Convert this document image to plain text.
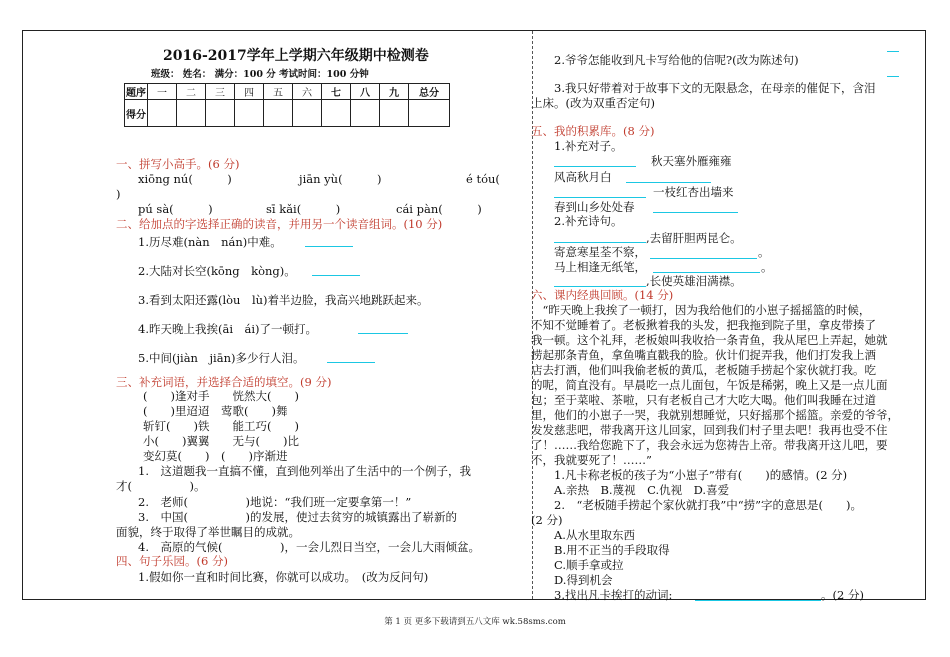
2016-2017学年上学期六年级期中检测卷
班级： 姓名： 满分：100 分 考试时间：100 分钟
题序	一	二	三	四	五	六	七	八	九	总分
得分										
一、拼写小高手。(6 分)
xiōng nú(　　　)	jiān yù(　　　)	é tóu(
)
pú sà(　　　)	sī kǎi(　　　)	cái pàn(　　　)
二、给加点的字选择正确的读音，并用另一个读音组词。(10 分)
1.历尽难(nàn　nán)中难。
2.大陆对长空(kōng　kòng)。
3.看到太阳还露(lòu　lù)着半边脸，我高兴地跳跃起来。
4.昨天晚上我挨(āi　ái)了一顿打。
5.中间(jiàn　jiān)多少行人泪。
三、补充词语，并选择合适的填空。(9 分)
(　　)逢对手　　恍然大(　　)
(　　)里迢迢　莺歌(　　)舞
斩钉(　　)铁　　能工巧(　　)
小(　　)翼翼　　无与(　　)比
变幻莫(　　)　(　　)序渐进
1.　这道题我一直搞不懂，直到他列举出了生活中的一个例子，我
才(　　　　　)。
2.　老师(　　　　　)地说：“我们班一定要拿第一！”
3.　中国(　　　　　)的发展，使过去贫穷的城镇露出了崭新的
面貌，终于取得了举世瞩目的成就。
4.　高原的气候(　　　　　)，一会儿烈日当空，一会儿大雨倾盆。
四、句子乐园。(6 分)
1.假如你一直和时间比赛，你就可以成功。　(改为反问句)
2.爷爷怎能收到凡卡写给他的信呢?(改为陈述句)
3.我只好带着对于故事下文的无限悬念，在母亲的催促下，含泪
上床。(改为双重否定句)
五、我的积累库。(8 分)
1.补充对子。
秋天塞外雁雍雍
风高秋月白
一枝红杏出墙来
春到山乡处处春
2.补充诗句。
,去留肝胆两昆仑。
寄意寒星荃不察，	。
马上相逢无纸笔，	。
,长使英雄泪满襟。
六、课内经典回顾。(14 分)
　“昨天晚上我挨了一顿打，因为我给他们的小崽子摇摇篮的时候，
不知不觉睡着了。老板揪着我的头发，把我拖到院子里，拿皮带揍了
我一顿。这个礼拜，老板娘叫我收拾一条青鱼，我从尾巴上弄起，她就
捞起那条青鱼，拿鱼嘴直戳我的脸。伙计们捉弄我，他们打发我上酒
店去打酒，他们叫我偷老板的黄瓜，老板随手捞起个家伙就打我。吃
的呢，简直没有。早晨吃一点儿面包，午饭是稀粥，晚上又是一点儿面
包；至于菜啦、茶啦，只有老板自己才大吃大喝。他们叫我睡在过道
里，他们的小崽子一哭，我就别想睡觉，只好摇那个摇篮。亲爱的爷爷，
发发慈悲吧，带我离开这儿回家，回到我们村子里去吧！我再也受不住
了！……我给您跪下了，我会永远为您祷告上帝。带我离开这儿吧，要
不，我就要死了！……”
1.凡卡称老板的孩子为“小崽子”带有(　　)的感情。(2 分)
A.亲热　B.蔑视　C.仇视　D.喜爱
2.　“老板随手捞起个家伙就打我”中“捞”字的意思是(　　)。
(2 分)
A.从水里取东西
B.用不正当的手段取得
C.顺手拿或拉
D.得到机会
3.找出凡卡挨打的动词:	。(2 分)
第 1 页 更多下载请到五八文库 wk.58sms.com
